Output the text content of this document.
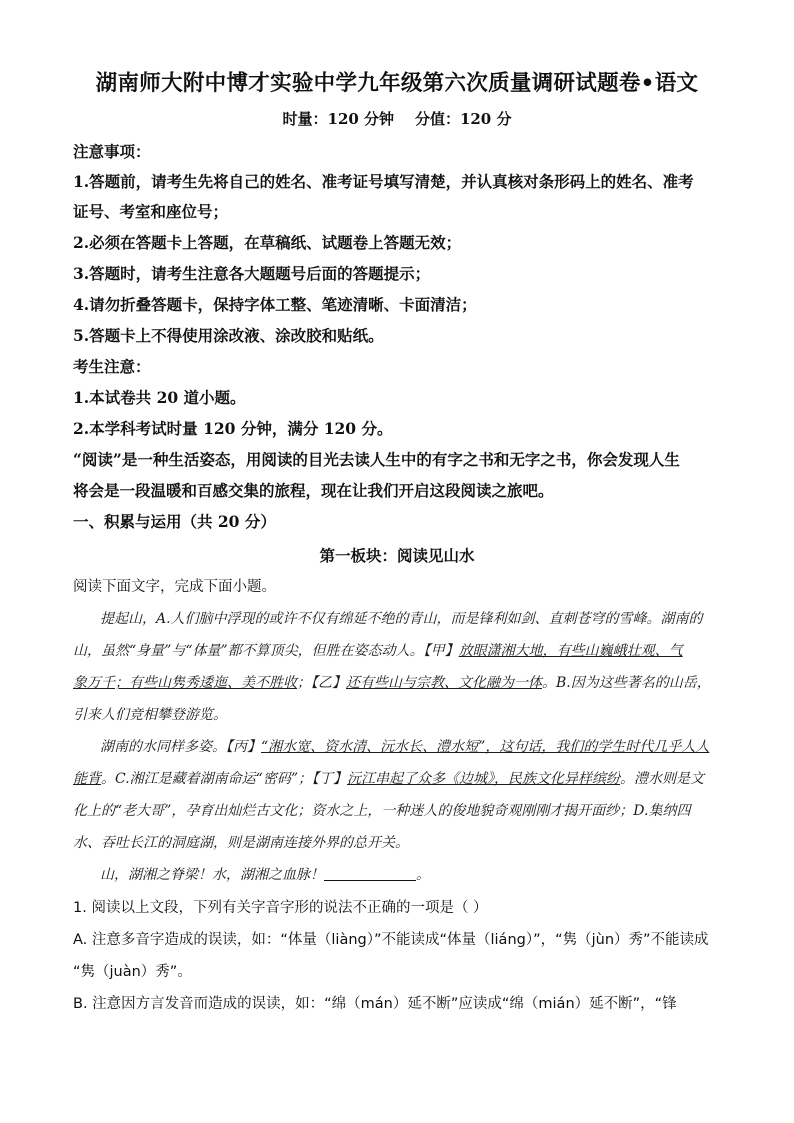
湖南师大附中博才实验中学九年级第六次质量调研试题卷•语文
时量：120 分钟    分值：120 分
注意事项：
1.答题前，请考生先将自己的姓名、准考证号填写清楚，并认真核对条形码上的姓名、准考
证号、考室和座位号；
2.必须在答题卡上答题，在草稿纸、试题卷上答题无效；
3.答题时，请考生注意各大题题号后面的答题提示；
4.请勿折叠答题卡，保持字体工整、笔迹清晰、卡面清洁；
5.答题卡上不得使用涂改液、涂改胶和贴纸。
考生注意：
1.本试卷共 20 道小题。
2.本学科考试时量 120 分钟，满分 120 分。
“阅读”是一种生活姿态，用阅读的目光去读人生中的有字之书和无字之书，你会发现人生
将会是一段温暖和百感交集的旅程，现在让我们开启这段阅读之旅吧。
一、积累与运用（共 20 分）
第一板块：阅读见山水
阅读下面文字，完成下面小题。
提起山，A.人们脑中浮现的或许不仅有绵延不绝的青山，而是锋利如剑、直刺苍穹的雪峰。湖南的
山，虽然“身量”与“体量”都不算顶尖，但胜在姿态动人。【甲】放眼潇湘大地，有些山巍峨壮观、气
象万千；有些山隽秀逶迤、美不胜收；【乙】还有些山与宗教、文化融为一体。B.因为这些著名的山岳，
引来人们竞相攀登游览。
湖南的水同样多姿。【丙】“湘水宽、资水清、沅水长、澧水短”，这句话，我们的学生时代几乎人人
能背。C.湘江是藏着湖南命运“密码”；【丁】沅江串起了众多《边城》，民族文化异样缤纷。澧水则是文
化上的“老大哥”，孕育出灿烂古文化；资水之上，一种迷人的俊地貌奇观刚刚才揭开面纱；D.集纳四
水、吞吐长江的洞庭湖，则是湖南连接外界的总开关。
山，湖湘之脊梁！水，湖湘之血脉！	。
1. 阅读以上文段，下列有关字音字形的说法不正确的一项是（ ）
A. 注意多音字造成的误读，如：“体量（liàng）”不能读成“体量（liáng）”，“隽（jùn）秀”不能读成
“隽（juàn）秀”。
B. 注意因方言发音而造成的误读，如：“绵（mán）延不断”应读成“绵（mián）延不断”，“锋
